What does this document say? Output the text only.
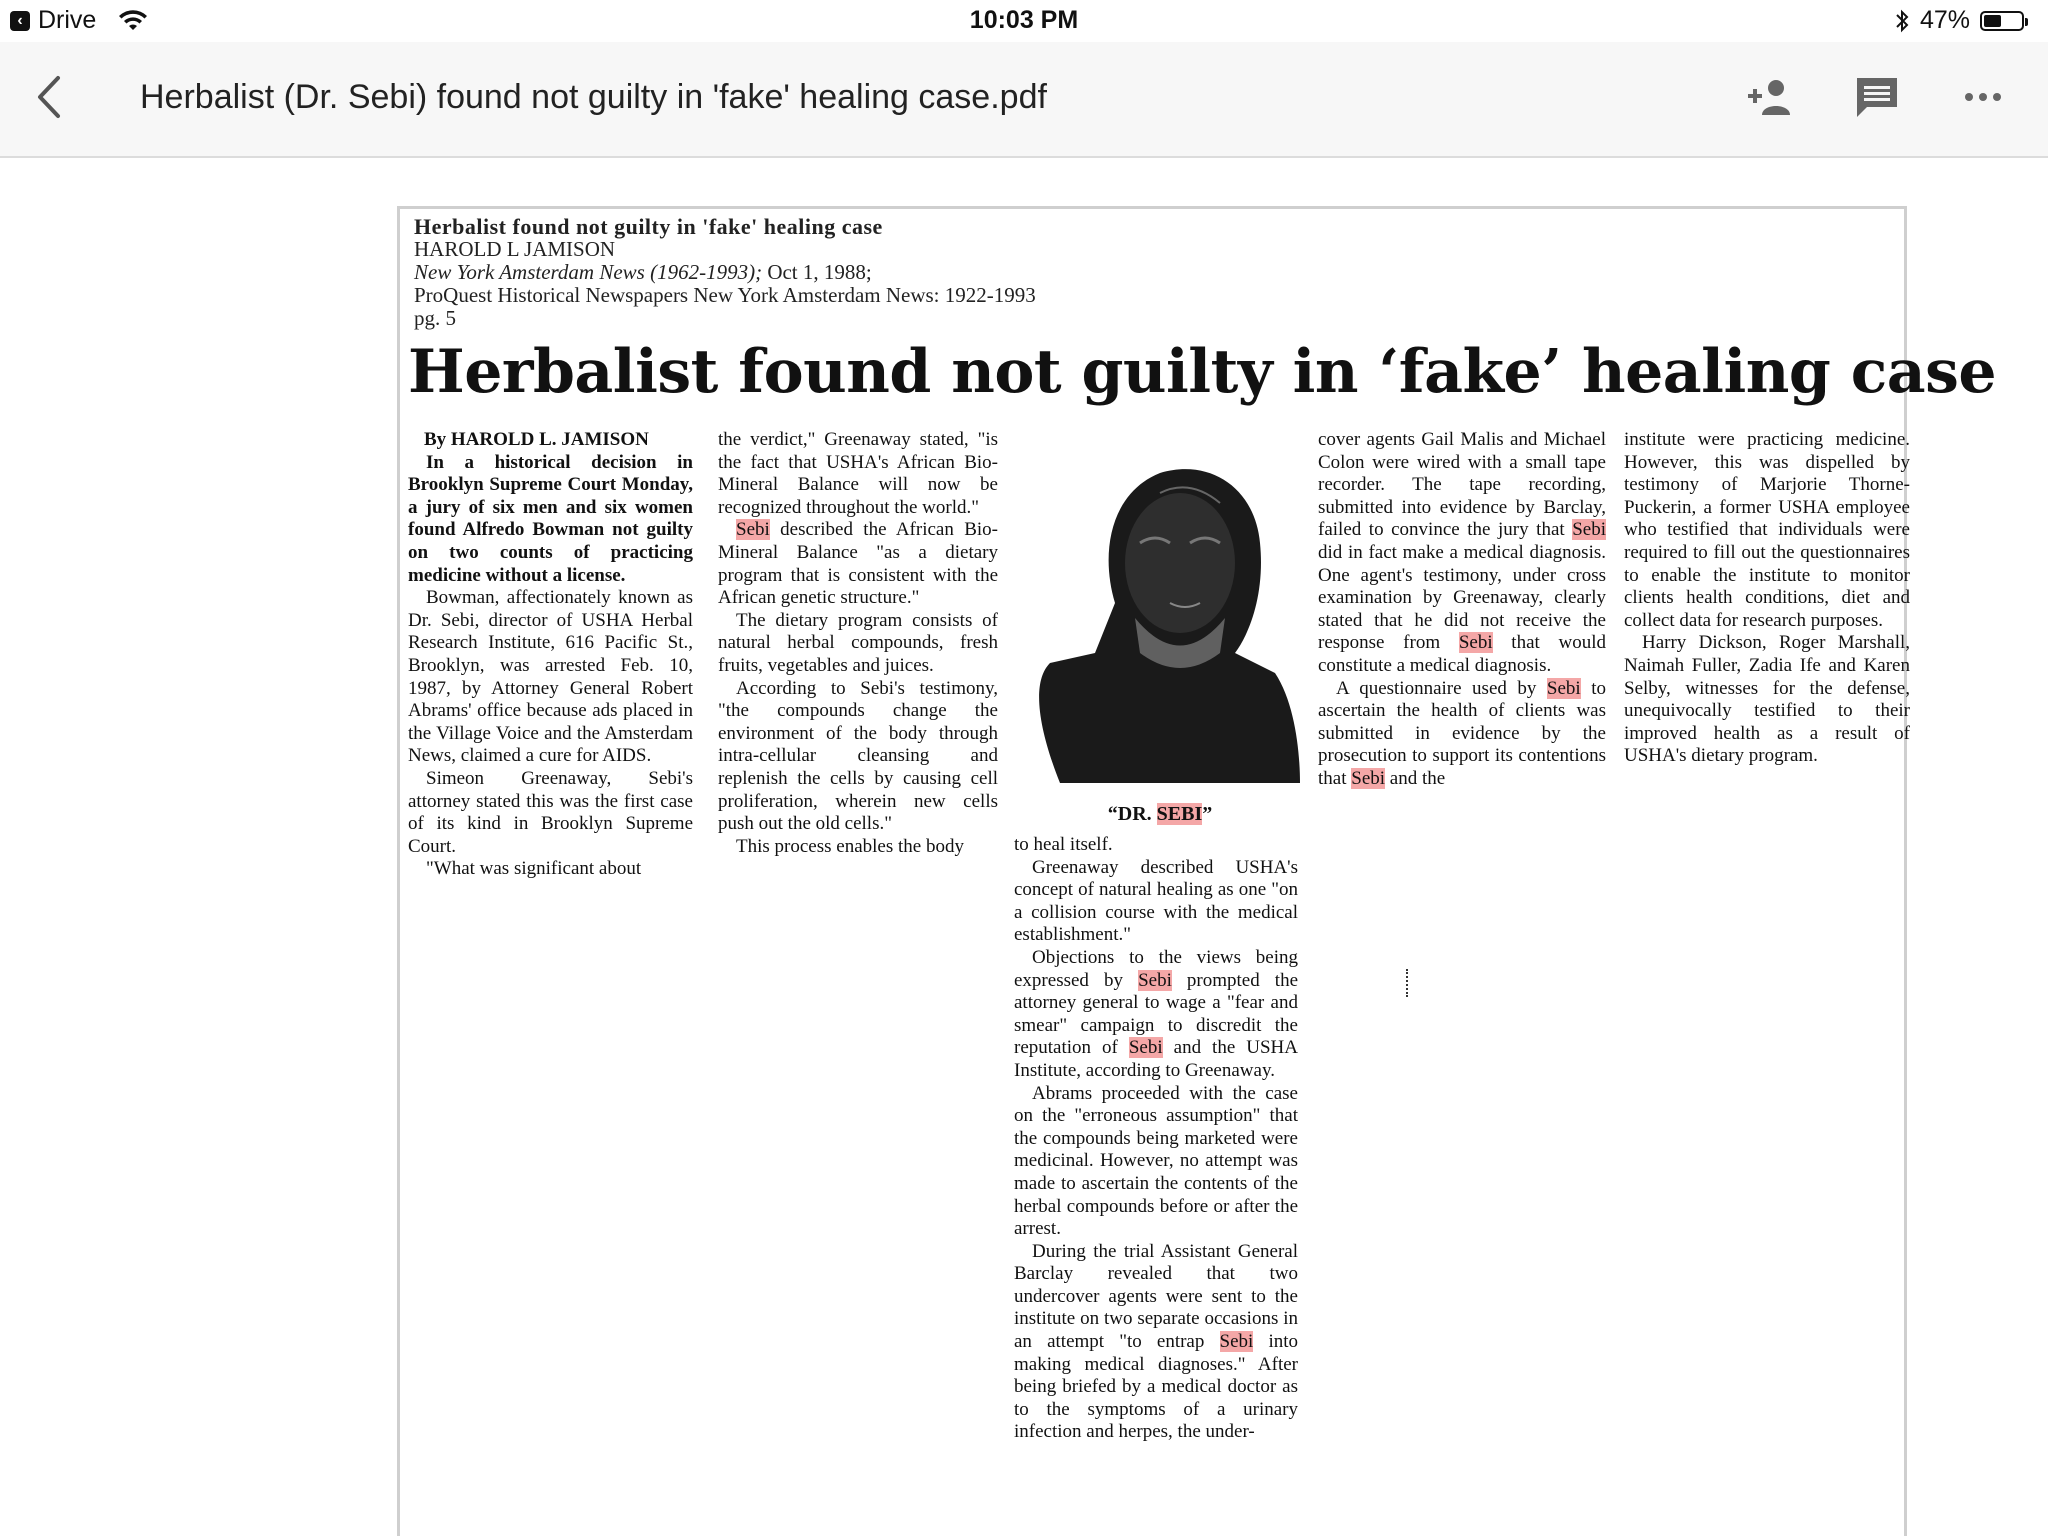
‹ Drive	10:03 PM	47%
Herbalist (Dr. Sebi) found not guilty in 'fake' healing case.pdf
Herbalist found not guilty in 'fake' healing case
HAROLD L JAMISON
New York Amsterdam News (1962-1993); Oct 1, 1988;
ProQuest Historical Newspapers New York Amsterdam News: 1922-1993
pg. 5
Herbalist found not guilty in ‘fake’ healing case

By HAROLD L. JAMISON

In a historical decision in Brooklyn Supreme Court Monday, a jury of six men and six women found Alfredo Bowman not guilty on two counts of practicing medicine without a license.

Bowman, affectionately known as Dr. Sebi, director of USHA Herbal Research Institute, 616 Pacific St., Brooklyn, was arrested Feb. 10, 1987, by Attorney General Robert Abrams' office because ads placed in the Village Voice and the Amsterdam News, claimed a cure for AIDS.

Simeon Greenaway, Sebi's attorney stated this was the first case of its kind in Brooklyn Supreme Court.

"What was significant about

the verdict," Greenaway stated, "is the fact that USHA's African Bio-Mineral Balance will now be recognized throughout the world."

Sebi described the African Bio-Mineral Balance "as a dietary program that is consistent with the African genetic structure."

The dietary program consists of natural herbal compounds, fresh fruits, vegetables and juices.

According to Sebi's testimony, "the compounds change the environment of the body through intra-cellular cleansing and replenish the cells by causing cell proliferation, wherein new cells push out the old cells."

This process enables the body

“DR. SEBI”

to heal itself.

Greenaway described USHA's concept of natural healing as one "on a collision course with the medical establishment."

Objections to the views being expressed by Sebi prompted the attorney general to wage a "fear and smear" campaign to discredit the reputation of Sebi and the USHA Institute, according to Greenaway.

Abrams proceeded with the case on the "erroneous assumption" that the compounds being marketed were medicinal. However, no attempt was made to ascertain the contents of the herbal compounds before or after the arrest.

During the trial Assistant General Barclay revealed that two undercover agents were sent to the institute on two separate occasions in an attempt "to entrap Sebi into making medical diagnoses." After being briefed by a medical doctor as to the symptoms of a urinary infection and herpes, the under-

cover agents Gail Malis and Michael Colon were wired with a small tape recorder. The tape recording, submitted into evidence by Barclay, failed to convince the jury that Sebi did in fact make a medical diagnosis. One agent's testimony, under cross examination by Greenaway, clearly stated that he did not receive the response from Sebi that would constitute a medical diagnosis.

A questionnaire used by Sebi to ascertain the health of clients was submitted in evidence by the prosecution to support its contentions that Sebi and the

institute were practicing medicine. However, this was dispelled by testimony of Marjorie Thorne-Puckerin, a former USHA employee who testified that individuals were required to fill out the questionnaires to enable the institute to monitor clients health conditions, diet and collect data for research purposes.

Harry Dickson, Roger Marshall, Naimah Fuller, Zadia Ife and Karen Selby, witnesses for the defense, unequivocally testified to their improved health as a result of USHA's dietary program.
